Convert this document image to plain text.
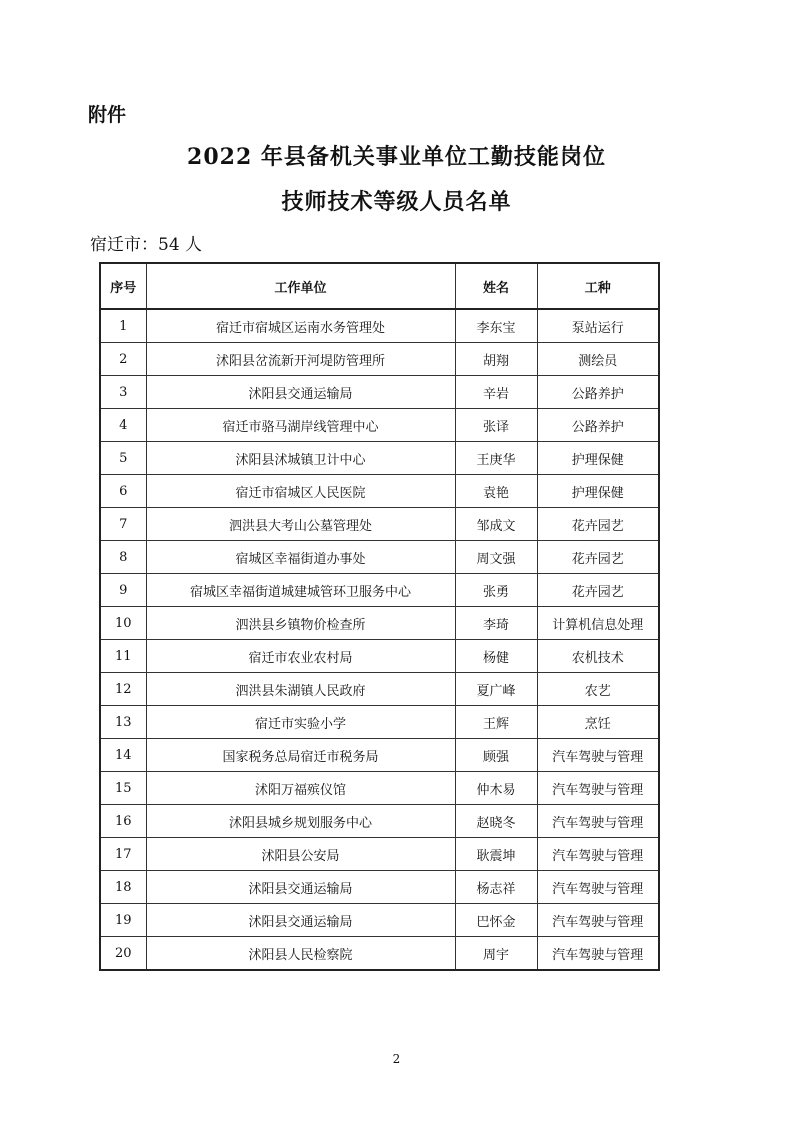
附件
2022 年县备机关事业单位工勤技能岗位
技师技术等级人员名单
宿迁市：54 人
序号	工作单位	姓名	工种
1	宿迁市宿城区运南水务管理处	李东宝	泵站运行
2	沭阳县岔流新开河堤防管理所	胡翔	测绘员
3	沭阳县交通运输局	辛岩	公路养护
4	宿迁市骆马湖岸线管理中心	张译	公路养护
5	沭阳县沭城镇卫计中心	王庚华	护理保健
6	宿迁市宿城区人民医院	袁艳	护理保健
7	泗洪县大考山公墓管理处	邹成文	花卉园艺
8	宿城区幸福街道办事处	周文强	花卉园艺
9	宿城区幸福街道城建城管环卫服务中心	张勇	花卉园艺
10	泗洪县乡镇物价检查所	李琦	计算机信息处理
11	宿迁市农业农村局	杨健	农机技术
12	泗洪县朱湖镇人民政府	夏广峰	农艺
13	宿迁市实验小学	王辉	烹饪
14	国家税务总局宿迁市税务局	顾强	汽车驾驶与管理
15	沭阳万福殡仪馆	仲木易	汽车驾驶与管理
16	沭阳县城乡规划服务中心	赵晓冬	汽车驾驶与管理
17	沭阳县公安局	耿震坤	汽车驾驶与管理
18	沭阳县交通运输局	杨志祥	汽车驾驶与管理
19	沭阳县交通运输局	巴怀金	汽车驾驶与管理
20	沭阳县人民检察院	周宇	汽车驾驶与管理
2
